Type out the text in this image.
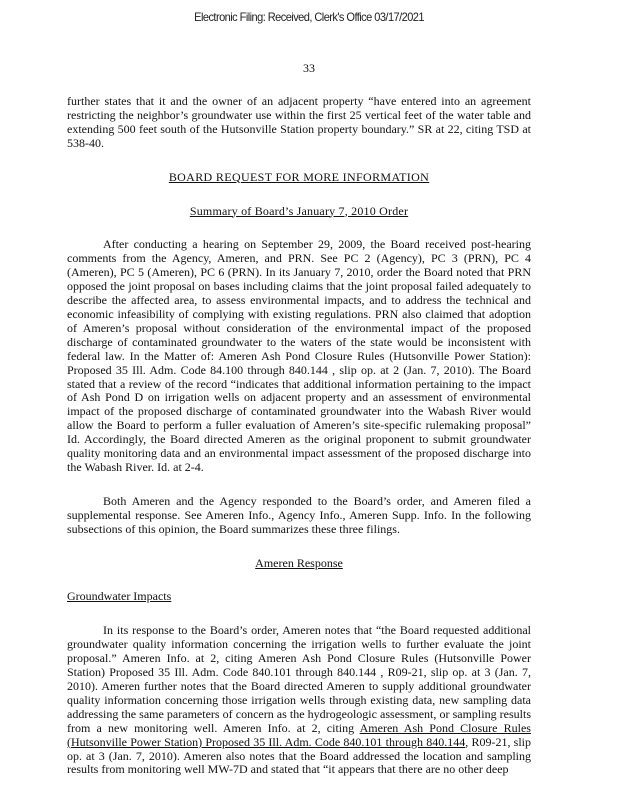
Electronic Filing: Received, Clerk's Office 03/17/2021
33

further states that it and the owner of an adjacent property “have entered into an agreement restricting the neighbor’s groundwater use within the first 25 vertical feet of the water table and extending 500 feet south of the Hutsonville Station property boundary.” SR at 22, citing TSD at 538-40.

BOARD REQUEST FOR MORE INFORMATION

Summary of Board’s January 7, 2010 Order

After conducting a hearing on September 29, 2009, the Board received post-hearing comments from the Agency, Ameren, and PRN. See PC 2 (Agency), PC 3 (PRN), PC 4 (Ameren), PC 5 (Ameren), PC 6 (PRN). In its January 7, 2010, order the Board noted that PRN opposed the joint proposal on bases including claims that the joint proposal failed adequately to describe the affected area, to assess environmental impacts, and to address the technical and economic infeasibility of complying with existing regulations. PRN also claimed that adoption of Ameren’s proposal without consideration of the environmental impact of the proposed discharge of contaminated groundwater to the waters of the state would be inconsistent with federal law. In the Matter of: Ameren Ash Pond Closure Rules (Hutsonville Power Station): Proposed 35 Ill. Adm. Code 84.100 through 840.144 , slip op. at 2 (Jan. 7, 2010). The Board stated that a review of the record “indicates that additional information pertaining to the impact of Ash Pond D on irrigation wells on adjacent property and an assessment of environmental impact of the proposed discharge of contaminated groundwater into the Wabash River would allow the Board to perform a fuller evaluation of Ameren’s site-specific rulemaking proposal” Id. Accordingly, the Board directed Ameren as the original proponent to submit groundwater quality monitoring data and an environmental impact assessment of the proposed discharge into the Wabash River. Id. at 2-4.

Both Ameren and the Agency responded to the Board’s order, and Ameren filed a supplemental response. See Ameren Info., Agency Info., Ameren Supp. Info. In the following subsections of this opinion, the Board summarizes these three filings.

Ameren Response

Groundwater Impacts

In its response to the Board’s order, Ameren notes that “the Board requested additional groundwater quality information concerning the irrigation wells to further evaluate the joint proposal.” Ameren Info. at 2, citing Ameren Ash Pond Closure Rules (Hutsonville Power Station) Proposed 35 Ill. Adm. Code 840.101 through 840.144 , R09-21, slip op. at 3 (Jan. 7, 2010). Ameren further notes that the Board directed Ameren to supply additional groundwater quality information concerning those irrigation wells through existing data, new sampling data addressing the same parameters of concern as the hydrogeologic assessment, or sampling results from a new monitoring well. Ameren Info. at 2, citing Ameren Ash Pond Closure Rules (Hutsonville Power Station) Proposed 35 Ill. Adm. Code 840.101 through 840.144, R09-21, slip op. at 3 (Jan. 7, 2010). Ameren also notes that the Board addressed the location and sampling results from monitoring well MW-7D and stated that “it appears that there are no other deep
